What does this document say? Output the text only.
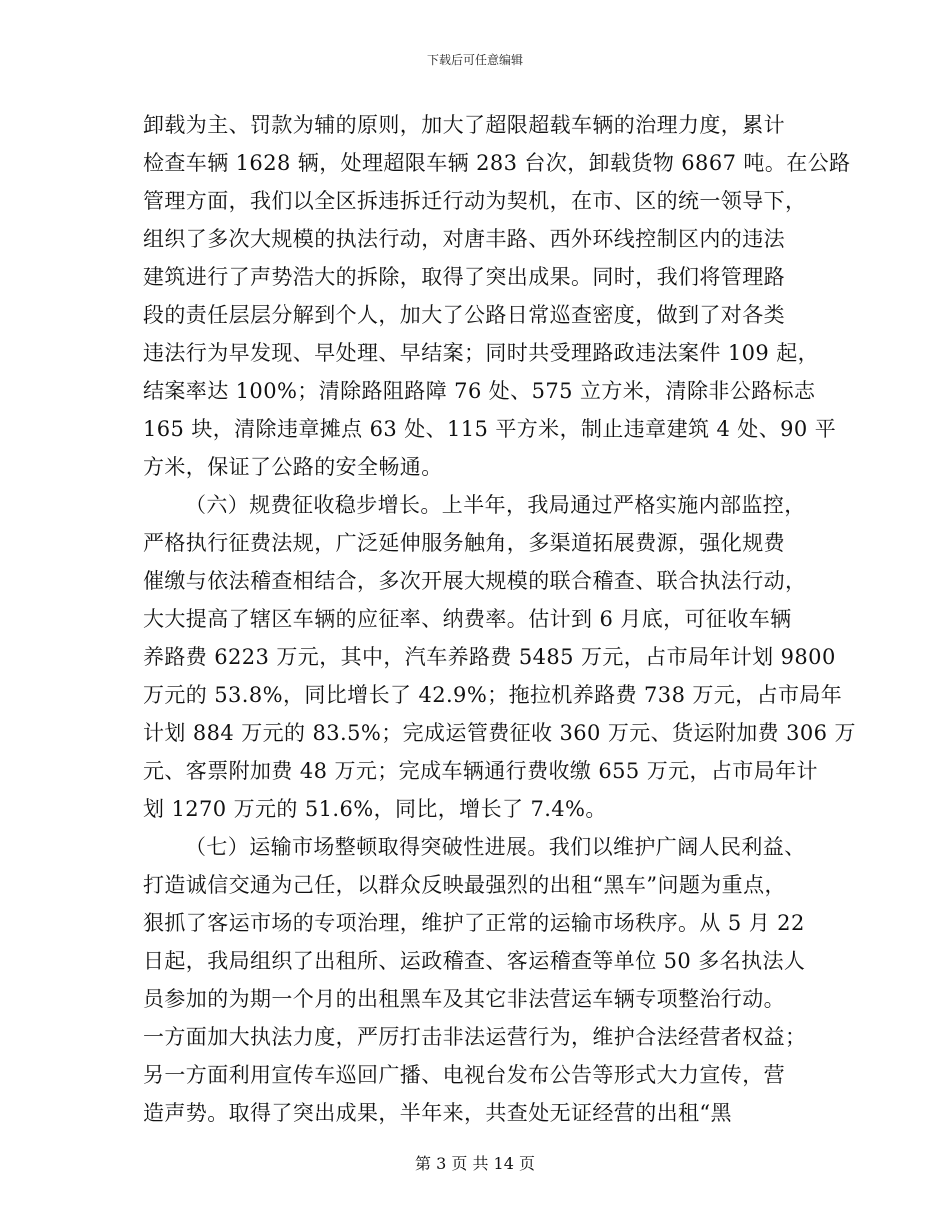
下载后可任意编辑
卸载为主、罚款为辅的原则，加大了超限超载车辆的治理力度，累计
检查车辆 1628 辆，处理超限车辆 283 台次，卸载货物 6867 吨。在公路
管理方面，我们以全区拆违拆迁行动为契机，在市、区的统一领导下，
组织了多次大规模的执法行动，对唐丰路、西外环线控制区内的违法
建筑进行了声势浩大的拆除，取得了突出成果。同时，我们将管理路
段的责任层层分解到个人，加大了公路日常巡查密度，做到了对各类
违法行为早发现、早处理、早结案；同时共受理路政违法案件 109 起，
结案率达 100%；清除路阻路障 76 处、575 立方米，清除非公路标志
165 块，清除违章摊点 63 处、115 平方米，制止违章建筑 4 处、90 平
方米，保证了公路的安全畅通。
（六）规费征收稳步增长。上半年，我局通过严格实施内部监控，
严格执行征费法规，广泛延伸服务触角，多渠道拓展费源，强化规费
催缴与依法稽查相结合，多次开展大规模的联合稽查、联合执法行动，
大大提高了辖区车辆的应征率、纳费率。估计到 6 月底，可征收车辆
养路费 6223 万元，其中，汽车养路费 5485 万元，占市局年计划 9800
万元的 53.8%，同比增长了 42.9%；拖拉机养路费 738 万元，占市局年
计划 884 万元的 83.5%；完成运管费征收 360 万元、货运附加费 306 万
元、客票附加费 48 万元；完成车辆通行费收缴 655 万元，占市局年计
划 1270 万元的 51.6%，同比，增长了 7.4%。
（七）运输市场整顿取得突破性进展。我们以维护广阔人民利益、
打造诚信交通为己任，以群众反映最强烈的出租“黑车”问题为重点，
狠抓了客运市场的专项治理，维护了正常的运输市场秩序。从 5 月 22
日起，我局组织了出租所、运政稽查、客运稽查等单位 50 多名执法人
员参加的为期一个月的出租黑车及其它非法营运车辆专项整治行动。
一方面加大执法力度，严厉打击非法运营行为，维护合法经营者权益；
另一方面利用宣传车巡回广播、电视台发布公告等形式大力宣传，营
造声势。取得了突出成果，半年来，共查处无证经营的出租“黑
第 3 页 共 14 页
